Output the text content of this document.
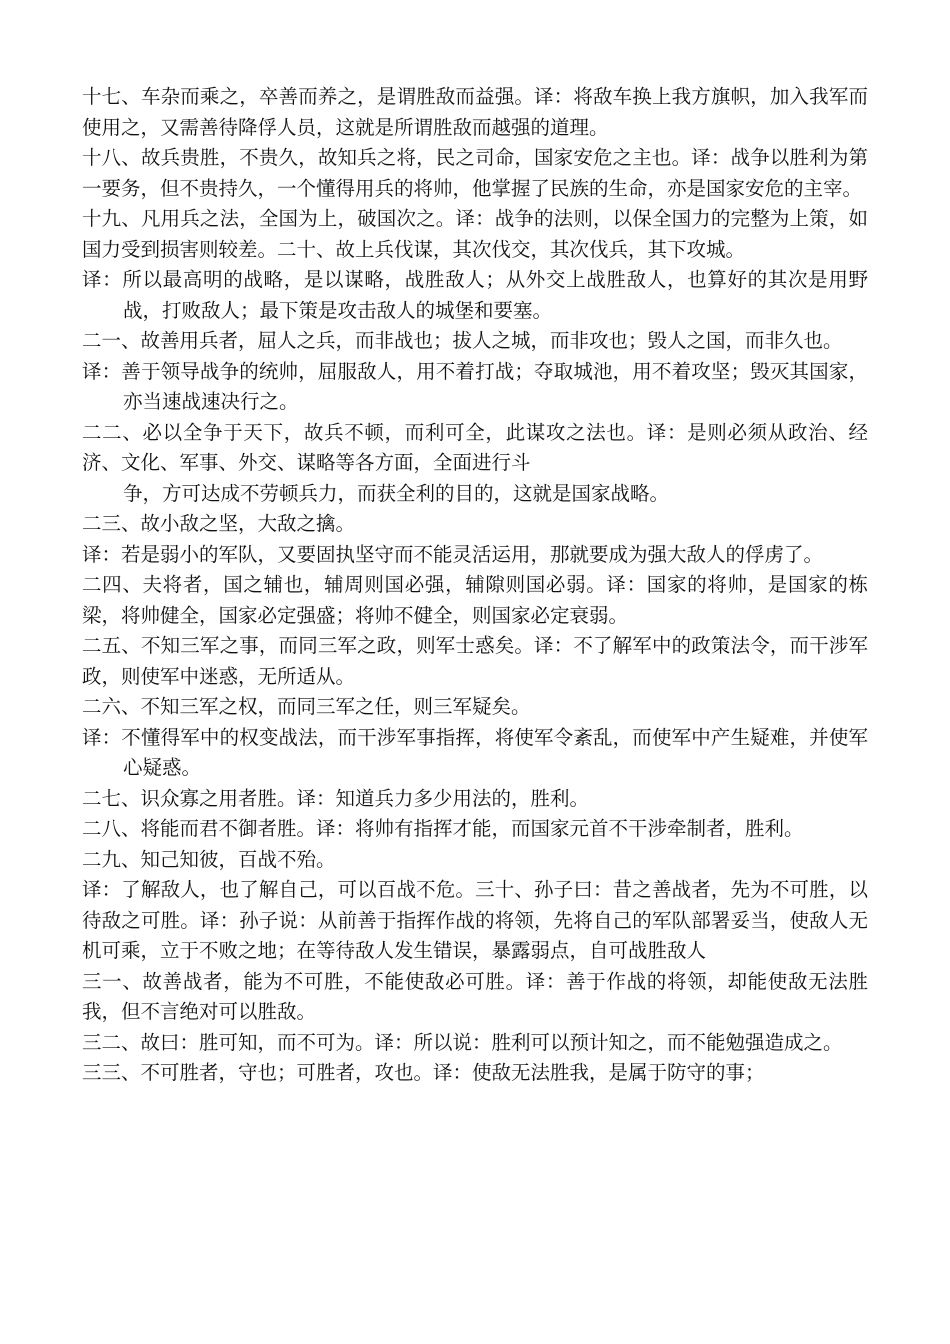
十七、车杂而乘之，卒善而养之，是谓胜敌而益强。译：将敌车换上我方旗帜，加入我军而使用之，又需善待降俘人员，这就是所谓胜敌而越强的道理。

十八、故兵贵胜，不贵久，故知兵之将，民之司命，国家安危之主也。译：战争以胜利为第一要务，但不贵持久，一个懂得用兵的将帅，他掌握了民族的生命，亦是国家安危的主宰。

十九、凡用兵之法，全国为上，破国次之。译：战争的法则，以保全国力的完整为上策，如国力受到损害则较差。二十、故上兵伐谋，其次伐交，其次伐兵，其下攻城。

译：所以最高明的战略，是以谋略，战胜敌人；从外交上战胜敌人，也算好的其次是用野战，打败敌人；最下策是攻击敌人的城堡和要塞。

二一、故善用兵者，屈人之兵，而非战也；拔人之城，而非攻也；毁人之国，而非久也。

译：善于领导战争的统帅，屈服敌人，用不着打战；夺取城池，用不着攻坚；毁灭其国家，亦当速战速决行之。

二二、必以全争于天下，故兵不顿，而利可全，此谋攻之法也。译：是则必须从政治、经济、文化、军事、外交、谋略等各方面，全面进行斗

争，方可达成不劳顿兵力，而获全利的目的，这就是国家战略。

二三、故小敌之坚，大敌之擒。

译：若是弱小的军队，又要固执坚守而不能灵活运用，那就要成为强大敌人的俘虏了。

二四、夫将者，国之辅也，辅周则国必强，辅隙则国必弱。译：国家的将帅，是国家的栋梁，将帅健全，国家必定强盛；将帅不健全，则国家必定衰弱。

二五、不知三军之事，而同三军之政，则军士惑矣。译：不了解军中的政策法令，而干涉军政，则使军中迷惑，无所适从。

二六、不知三军之权，而同三军之任，则三军疑矣。

译：不懂得军中的权变战法，而干涉军事指挥，将使军令紊乱，而使军中产生疑难，并使军心疑惑。

二七、识众寡之用者胜。译：知道兵力多少用法的，胜利。

二八、将能而君不御者胜。译：将帅有指挥才能，而国家元首不干涉牵制者，胜利。

二九、知己知彼，百战不殆。

译：了解敌人，也了解自己，可以百战不危。三十、孙子曰：昔之善战者，先为不可胜，以待敌之可胜。译：孙子说：从前善于指挥作战的将领，先将自己的军队部署妥当，使敌人无机可乘，立于不败之地；在等待敌人发生错误，暴露弱点，自可战胜敌人

三一、故善战者，能为不可胜，不能使敌必可胜。译：善于作战的将领，却能使敌无法胜我，但不言绝对可以胜敌。

三二、故曰：胜可知，而不可为。译：所以说：胜利可以预计知之，而不能勉强造成之。

三三、不可胜者，守也；可胜者，攻也。译：使敌无法胜我，是属于防守的事；
